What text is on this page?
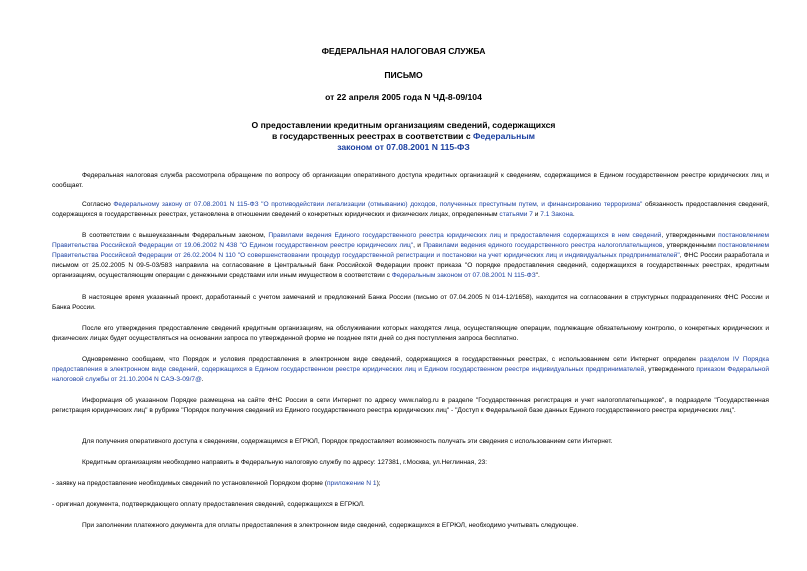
ФЕДЕРАЛЬНАЯ НАЛОГОВАЯ СЛУЖБА
ПИСЬМО
от 22 апреля 2005 года N ЧД-8-09/104
О предоставлении кредитным организациям сведений, содержащихся
в государственных реестрах в соответствии с Федеральным
законом от 07.08.2001 N 115-ФЗ

Федеральная налоговая служба рассмотрела обращение по вопросу об организации оперативного доступа кредитных организаций к сведениям, содержащимся в Едином государственном реестре юридических лиц и сообщает.

Согласно Федеральному закону от 07.08.2001 N 115-ФЗ "О противодействии легализации (отмыванию) доходов, полученных преступным путем, и финансированию терроризма" обязанность предоставления сведений, содержащихся в государственных реестрах, установлена в отношении сведений о конкретных юридических и физических лицах, определенным статьями 7 и 7.1 Закона.

В соответствии с вышеуказанным Федеральным законом, Правилами ведения Единого государственного реестра юридических лиц и предоставления содержащихся в нем сведений, утвержденными постановлением Правительства Российской Федерации от 19.06.2002 N 438 "О Едином государственном реестре юридических лиц", и Правилами ведения единого государственного реестра налогоплательщиков, утвержденными постановлением Правительства Российской Федерации от 26.02.2004 N 110 "О совершенствовании процедур государственной регистрации и постановки на учет юридических лиц и индивидуальных предпринимателей", ФНС России разработала и письмом от 25.02.2005 N 09-5-03/583 направила на согласование в Центральный банк Российской Федерации проект приказа "О порядке предоставления сведений, содержащихся в государственных реестрах, кредитным организациям, осуществляющим операции с денежными средствами или иным имуществом в соответствии с Федеральным законом от 07.08.2001 N 115-ФЗ".

В настоящее время указанный проект, доработанный с учетом замечаний и предложений Банка России (письмо от 07.04.2005 N 014-12/1658), находится на согласовании в структурных подразделениях ФНС России и Банка России.

После его утверждения предоставление сведений кредитным организациям, на обслуживании которых находятся лица, осуществляющие операции, подлежащие обязательному контролю, о конкретных юридических и физических лицах будет осуществляться на основании запроса по утвержденной форме не позднее пяти дней со дня поступления запроса бесплатно.

Одновременно сообщаем, что Порядок и условия предоставления в электронном виде сведений, содержащихся в государственных реестрах, с использованием сети Интернет определен разделом IV Порядка предоставления в электронном виде сведений, содержащихся в Едином государственном реестре юридических лиц и Едином государственном реестре индивидуальных предпринимателей, утвержденного приказом Федеральной налоговой службы от 21.10.2004 N САЭ-3-09/7@.

Информация об указанном Порядке размещена на сайте ФНС России в сети Интернет по адресу www.nalog.ru в разделе "Государственная регистрация и учет налогоплательщиков", в подразделе "Государственная регистрация юридических лиц" в рубрике "Порядок получения сведений из Единого государственного реестра юридических лиц" - "Доступ к Федеральной базе данных Единого государственного реестра юридических лиц".

Для получения оперативного доступа к сведениям, содержащимся в ЕГРЮЛ, Порядок предоставляет возможность получать эти сведения с использованием сети Интернет.

Кредитным организациям необходимо направить в Федеральную налоговую службу по адресу: 127381, г.Москва, ул.Неглинная, 23:

- заявку на предоставление необходимых сведений по установленной Порядком форме (приложение N 1);

- оригинал документа, подтверждающего оплату предоставления сведений, содержащихся в ЕГРЮЛ.

При заполнении платежного документа для оплаты предоставления в электронном виде сведений, содержащихся в ЕГРЮЛ, необходимо учитывать следующее.
